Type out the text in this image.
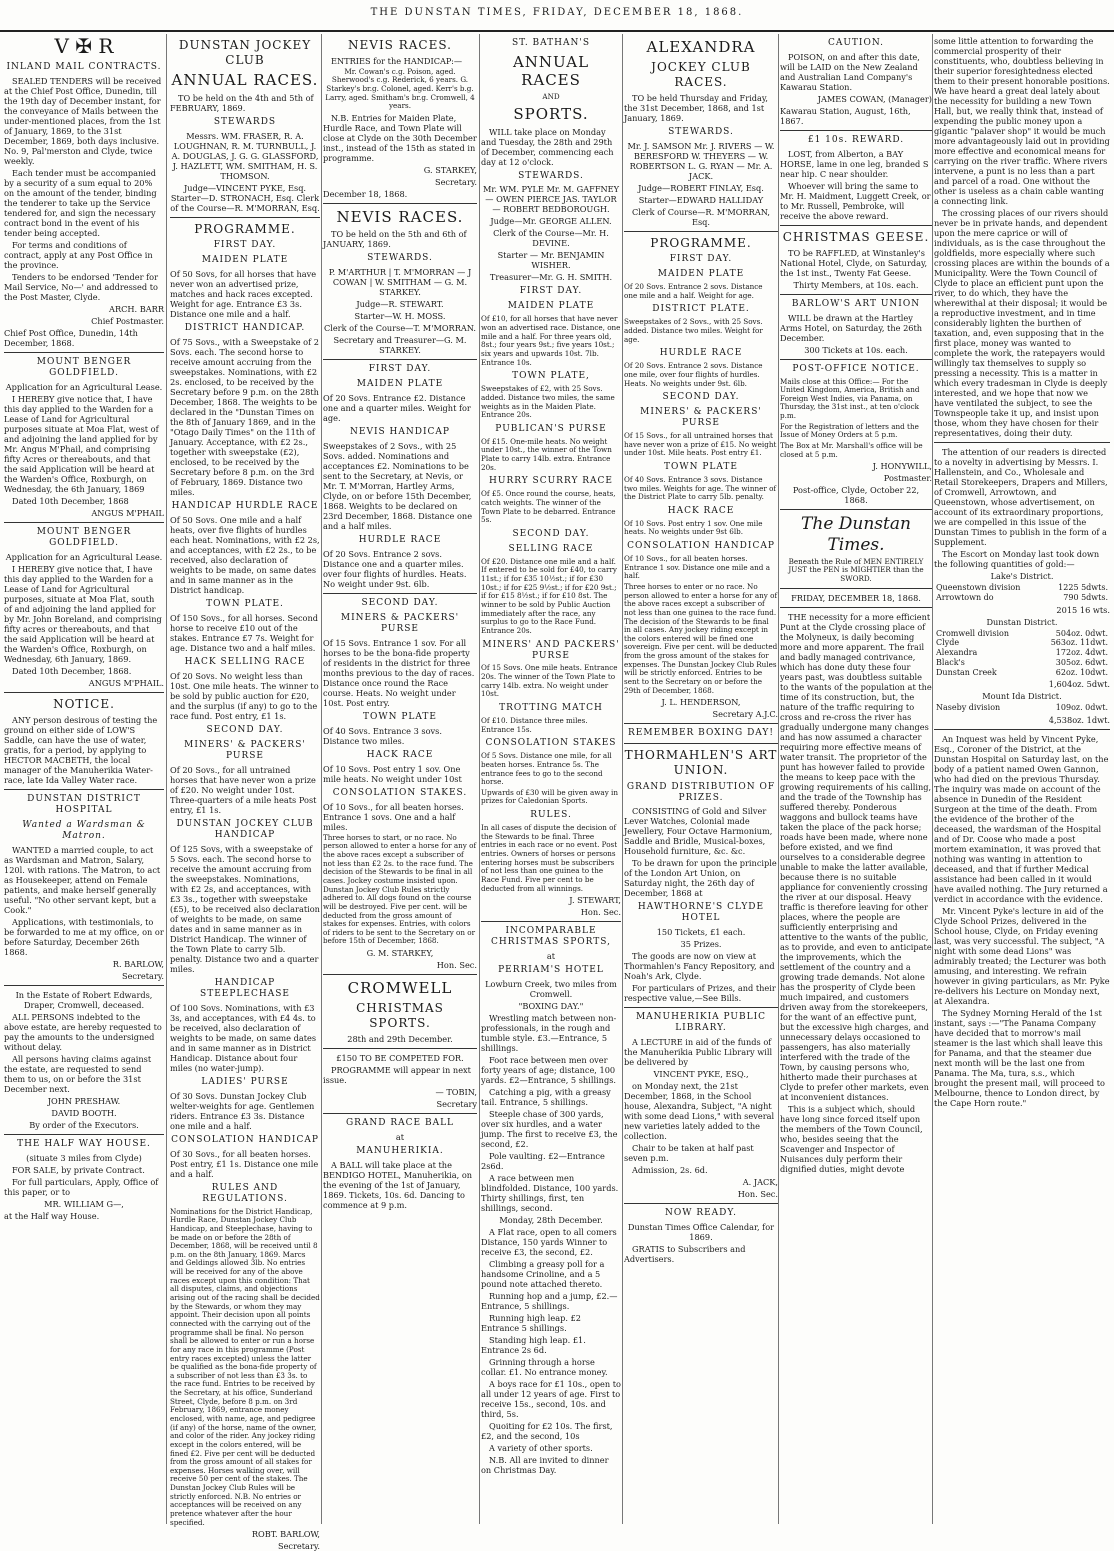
THE DUNSTAN TIMES, FRIDAY, DECEMBER 18, 1868.
V ✠ R
INLAND MAIL CONTRACTS.

SEALED TENDERS will be received at the Chief Post Office, Dunedin, till the 19th day of December instant, for the conveyance of Mails between the under-mentioned places, from the 1st of January, 1869, to the 31st December, 1869, both days inclusive. No. 9, Pal'merston and Clyde, twice weekly.

Each tender must be accompanied by a security of a sum equal to 20% on the amount of the tender, binding the tenderer to take up the Service tendered for, and sign the necessary contract bond in the event of his tender being accepted.

For terms and conditions of contract, apply at any Post Office in the province.

Tenders to be endorsed 'Tender for Mail Service, No—' and addressed to the Post Master, Clyde.

ARCH. BARR

Chief Postmaster.

Chief Post Office, Dunedin, 14th December, 1868.

MOUNT BENGER GOLDFIELD.

Application for an Agricultural Lease.

I HEREBY give notice that, I have this day applied to the Warden for a Lease of Land for Agricultural purposes situate at Moa Flat, west of and adjoining the land applied for by Mr. Angus M'Phail, and comprising fifty Acres or thereabouts, and that the said Application will be heard at the Warden's Office, Roxburgh, on Wednesday, the 6th January, 1869

Dated 10th December, 1868

ANGUS M'PHAIL

MOUNT BENGER GOLDFIELD.

Application for an Agricultural Lease.

I HEREBY give notice that, I have this day applied to the Warden for a Lease of Land for Agricultural purposes, situate at Moa Flat, south of and adjoining the land applied for by Mr. John Boreland, and comprising fifty acres or thereabouts, and that the said Application will be heard at the Warden's Office, Roxburgh, on Wednesday, 6th January, 1869.

Dated 10th December, 1868.

ANGUS M'PHAIL.

NOTICE.

ANY person desirous of testing the ground on either side of LOW'S Saddle, can have the use of water, gratis, for a period, by applying to HECTOR MACBETH, the local manager of the Manuherikia Water-race, late Ida Valley Water race.

DUNSTAN DISTRICT HOSPITAL
Wanted a Wardsman & Matron.

WANTED a married couple, to act as Wardsman and Matron, Salary, 120l. with rations. The Matron, to act as Housekeeper, attend on Female patients, and make herself generally useful. "No other servant kept, but a Cook."

Applications, with testimonials, to be forwarded to me at my office, on or before Saturday, December 26th 1868.

R. BARLOW,

Secretary.

In the Estate of Robert Edwards, Draper, Cromwell, deceased.

ALL PERSONS indebted to the above estate, are hereby requested to pay the amounts to the undersigned without delay.

All persons having claims against the estate, are requested to send them to us, on or before the 31st December next.

JOHN PRESHAW.

DAVID BOOTH.

By order of the Executors.

THE HALF WAY HOUSE.

(situate 3 miles from Clyde)

FOR SALE, by private Contract.

For full particulars, Apply, Office of this paper, or to

MR. WILLIAM G—,

at the Half way House.

DUNSTAN JOCKEY CLUB
ANNUAL RACES.

TO be held on the 4th and 5th of FEBRUARY, 1869.

STEWARDS

Messrs. WM. FRASER, R. A. LOUGHNAN, R. M. TURNBULL, J. A. DOUGLAS, J. G. G. GLASSFORD, J. HAZLETT, WM. SMITHAM, H. S. THOMSON.

Judge—VINCENT PYKE, Esq. Starter—D. STRONACH, Esq. Clerk of the Course—R. M'MORRAN, Esq.

PROGRAMME.
FIRST DAY.
MAIDEN PLATE

Of 50 Sovs, for all horses that have never won an advertised prize, matches and hack races excepted. Weight for age. Entrance £3 3s. Distance one mile and a half.

DISTRICT HANDICAP.

Of 75 Sovs., with a Sweepstake of 2 Sovs. each. The second horse to receive amount accruing from the sweepstakes. Nominations, with £2 2s. enclosed, to be received by the Secretary before 9 p.m. on the 28th December, 1868. The weights to be declared in the "Dunstan Times on the 8th of January 1869, and in the "Otago Daily Times" on the 11th of January. Acceptance, with £2 2s., together with sweepstake (£2), enclosed, to be received by the Secretary before 8 p.m. on the 3rd of February, 1869. Distance two miles.

HANDICAP HURDLE RACE

Of 50 Sovs. One mile and a half heats, over five flights of hurdles each heat. Nominations, with £2 2s, and acceptances, with £2 2s., to be received, also declaration of weights to be made, on same dates and in same manner as in the District handicap.

TOWN PLATE.

Of 150 Sovs., for all horses. Second horse to receive £10 out of the stakes. Entrance £7 7s. Weight for age. Distance two and a half miles.

HACK SELLING RACE

Of 20 Sovs. No weight less than 10st. One mile heats. The winner to be sold by public auction for £20, and the surplus (if any) to go to the race fund. Post entry, £1 1s.

SECOND DAY.
MINERS' & PACKERS' PURSE

Of 20 Sovs., for all untrained horses that have never won a prize of £20. No weight under 10st. Three-quarters of a mile heats Post entry, £1 1s.

DUNSTAN JOCKEY CLUB HANDICAP

Of 125 Sovs, with a sweepstake of 5 Sovs. each. The second horse to receive the amount accruing from the sweepstakes. Nominations, with £2 2s, and acceptances, with £3 3s., together with sweepstake (£5), to be received also declaration of weights to be made, on same dates and in same manner as in District Handicap. The winner of the Town Plate to carry 5lb. penalty. Distance two and a quarter miles.

HANDICAP STEEPLECHASE

Of 100 Sovs. Nominations, with £3 3s, and acceptances, with £4 4s. to be received, also declaration of weights to be made, on same dates and in same manner as in District Handicap. Distance about four miles (no water-jump).

LADIES' PURSE

Of 30 Sovs. Dunstan Jockey Club welter-weights for age. Gentlemen riders. Entrance £3 3s. Distance one mile and a half.

CONSOLATION HANDICAP

Of 30 Sovs., for all beaten horses. Post entry, £1 1s. Distance one mile and a half.

RULES AND REGULATIONS.

Nominations for the District Handicap, Hurdle Race, Dunstan Jockey Club Handicap, and Steeplechase, having to be made on or before the 28th of December, 1868, will be received until 8 p.m. on the 8th January, 1869. Marcs and Geldings allowed 3lb. No entries will be received for any of the above races except upon this condition: That all disputes, claims, and objections arising out of the racing shall be decided by the Stewards, or whom they may appoint. Their decision upon all points connected with the carrying out of the programme shall be final. No person shall be allowed to enter or run a horse for any race in this programme (Post entry races excepted) unless the latter be qualified as the bona-fide property of a subscriber of not less than £3 3s. to the race fund. Entries to be received by the Secretary, at his office, Sunderland Street, Clyde, before 8 p.m. on 3rd February, 1869, entrance money enclosed, with name, age, and pedigree (if any) of the horse, name of the owner, and color of the rider. Any jockey riding except in the colors entered, will be fined £2. Five per cent will be deducted from the gross amount of all stakes for expenses. Horses walking over, will receive 50 per cent of the stakes. The Dunstan Jockey Club Rules will be strictly enforced. N.B. No entries or acceptances will be received on any pretence whatever after the hour specified.

ROBT. BARLOW,

Secretary.

NEVIS RACES.

ENTRIES for the HANDICAP:—

Mr. Cowan's c.g. Poison, aged. Sherwood's c.g. Rederick, 6 years. G. Starkey's br.g. Colonel, aged. Kerr's b.g. Larry, aged. Smitham's br.g. Cromwell, 4 years.

N.B. Entries for Maiden Plate, Hurdle Race, and Town Plate will close at Clyde on the 30th December inst., instead of the 15th as stated in programme.

G. STARKEY,

Secretary.

December 18, 1868.

NEVIS RACES.

TO be held on the 5th and 6th of JANUARY, 1869.

STEWARDS.

P. M'ARTHUR | T. M'MORRAN — J COWAN | W. SMITHAM — G. M. STARKEY.

Judge—R. STEWART.

Starter—W. H. MOSS.

Clerk of the Course—T. M'MORRAN.

Secretary and Treasurer—G. M. STARKEY.

FIRST DAY.
MAIDEN PLATE

Of 20 Sovs. Entrance £2. Distance one and a quarter miles. Weight for age.

NEVIS HANDICAP

Sweepstakes of 2 Sovs., with 25 Sovs. added. Nominations and acceptances £2. Nominations to be sent to the Secretary, at Nevis, or Mr. T. M'Morran, Hartley Arms, Clyde, on or before 15th December, 1868. Weights to be declared on 23rd December, 1868. Distance one and a half miles.

HURDLE RACE

Of 20 Sovs. Entrance 2 sovs. Distance one and a quarter miles. over four flights of hurdles. Heats. No weight under 9st. 6lb.

SECOND DAY.
MINERS & PACKERS' PURSE

Of 15 Sovs. Entrance 1 sov. For all horses to be the bona-fide property of residents in the district for three months previous to the day of races. Distance once round the Race course. Heats. No weight under 10st. Post entry.

TOWN PLATE

Of 40 Sovs. Entrance 3 sovs. Distance two miles.

HACK RACE

Of 10 Sovs. Post entry 1 sov. One mile heats. No weight under 10st

CONSOLATION STAKES.

Of 10 Sovs., for all beaten horses. Entrance 1 sovs. One and a half miles.

Three horses to start, or no race. No person allowed to enter a horse for any of the above races except a subscriber of not less than £2 2s. to the race fund. The decision of the Stewards to be final in all cases. Jockey costume insisted upon. Dunstan Jockey Club Rules strictly adhered to. All dogs found on the course will be destroyed. Five per cent. will be deducted from the gross amount of stakes for expenses. Entries, with colors of riders to be sent to the Secretary on or before 15th of December, 1868.

G. M. STARKEY,

Hon. Sec.

CROMWELL
CHRISTMAS SPORTS.

28th and 29th December.

£150 TO BE COMPETED FOR.

PROGRAMME will appear in next issue.

— TOBIN,

Secretary

GRAND RACE BALL

at

MANUHERIKIA.

A BALL will take place at the BENDIGO HOTEL, Manuherikia, on the evening of the 1st of January, 1869. Tickets, 10s. 6d. Dancing to commence at 9 p.m.

ST. BATHAN'S
ANNUAL RACES

AND

SPORTS.

WILL take place on Monday and Tuesday, the 28th and 29th of December, commencing each day at 12 o'clock.

STEWARDS.

Mr. WM. PYLE Mr. M. GAFFNEY — OWEN PIERCE JAS. TAYLOR — ROBERT BEDBOROUGH.

Judge—Mr. GEORGE ALLEN.

Clerk of the Course—Mr. H. DEVINE.

Starter — Mr. BENJAMIN WISHER.

Treasurer—Mr. G. H. SMITH.

FIRST DAY.
MAIDEN PLATE

Of £10, for all horses that have never won an advertised race. Distance, one mile and a half. For three years old, 8st.; four years 9st.; five years 10st.; six years and upwards 10st. 7lb. Entrance 10s.

TOWN PLATE,

Sweepstakes of £2, with 25 Sovs. added. Distance two miles, the same weights as in the Maiden Plate. Entrance 20s.

PUBLICAN'S PURSE

Of £15. One-mile heats. No weight under 10st., the winner of the Town Plate to carry 14lb. extra. Entrance 20s.

HURRY SCURRY RACE

Of £5. Once round the course, heats, catch weights. The winner of the Town Plate to be debarred. Entrance 5s.

SECOND DAY.
SELLING RACE

Of £20. Distance one mile and a half. If entered to be sold for £40, to carry 11st.; if for £35 10½st.; if for £30 10st.; if for £25 9½st.; if for £20 9st.; if for £15 8½st.; if for £10 8st. The winner to be sold by Public Auction immediately after the race, any surplus to go to the Race Fund. Entrance 20s.

MINERS' AND PACKERS' PURSE

Of 15 Sovs. One mile heats. Entrance 20s. The winner of the Town Plate to carry 14lb. extra. No weight under 10st.

TROTTING MATCH

Of £10. Distance three miles. Entrance 15s.

CONSOLATION STAKES

Of 5 Sovs. Distance one mile, for all beaten horses. Entrance 5s. The entrance fees to go to the second horse.

Upwards of £30 will be given away in prizes for Caledonian Sports.

RULES.

In all cases of dispute the decision of the Stewards to be final. Three entries in each race or no event. Post entries. Owners of horses or persons entering horses must be subscribers of not less than one guinea to the Race Fund. Five per cent to be deducted from all winnings.

J. STEWART,

Hon. Sec.

INCOMPARABLE CHRISTMAS SPORTS,

at

PERRIAM'S HOTEL

Lowburn Creek, two miles from Cromwell.

"BOXING DAY."

Wrestling match between non-professionals, in the rough and tumble style. £3.—Entrance, 5 shillings.

Foot race between men over forty years of age; distance, 100 yards. £2—Entrance, 5 shillings.

Catching a pig, with a greasy tail. Entrance, 5 shillings.

Steeple chase of 300 yards, over six hurdles, and a water jump. The first to receive £3, the second, £2.

Pole vaulting. £2—Entrance 2s6d.

A race between men blindfolded. Distance, 100 yards. Thirty shillings, first, ten shillings, second.

Monday, 28th December.

A Flat race, open to all comers Distance, 150 yards Winner to receive £3, the second, £2.

Climbing a greasy poll for a handsome Crinoline, and a 5 pound note attached thereto.

Running hop and a jump, £2.—Entrance, 5 shillings.

Running high leap. £2 Entrance 5 shillings.

Standing high leap. £1. Entrance 2s 6d.

Grinning through a horse collar. £1. No entrance money.

A boys race for £1 10s., open to all under 12 years of age. First to receive 15s., second, 10s. and third, 5s.

Quoiting for £2 10s. The first, £2, and the second, 10s

A variety of other sports.

N.B. All are invited to dinner on Christmas Day.

ALEXANDRA
JOCKEY CLUB RACES.

TO be held Thursday and Friday, the 31st December, 1868, and 1st January, 1869.

STEWARDS.

Mr. J. SAMSON Mr. J. RIVERS — W. BERESFORD W. THEYERS — W. ROBERTSON L. G. RYAN — Mr. A. JACK.

Judge—ROBERT FINLAY, Esq.

Starter—EDWARD HALLIDAY

Clerk of Course—R. M'MORRAN, Esq.

PROGRAMME.
FIRST DAY.
MAIDEN PLATE

Of 20 Sovs. Entrance 2 sovs. Distance one mile and a half. Weight for age.

DISTRICT PLATE.

Sweepstakes of 2 Sovs., with 25 Sovs. added. Distance two miles. Weight for age.

HURDLE RACE

Of 20 Sovs. Entrance 2 sovs. Distance one mile, over four flights of hurdles. Heats. No weights under 9st. 6lb.

SECOND DAY.
MINERS' & PACKERS' PURSE

Of 15 Sovs., for all untrained horses that have never won a prize of £15. No weight under 10st. Mile heats. Post entry £1.

TOWN PLATE

Of 40 Sovs. Entrance 3 sovs. Distance two miles. Weights for age. The winner of the District Plate to carry 5lb. penalty.

HACK RACE

Of 10 Sovs. Post entry 1 sov. One mile heats. No weights under 9st 6lb.

CONSOLATION HANDICAP

Of 10 Sovs., for all beaten horses. Entrance 1 sov. Distance one mile and a half.

Three horses to enter or no race. No person allowed to enter a horse for any of the above races except a subscriber of not less than one guinea to the race fund. The decision of the Stewards to be final in all cases. Any jockey riding except in the colors entered will be fined one sovereign. Five per cent. will be deducted from the gross amount of the stakes for expenses. The Dunstan Jockey Club Rules will be strictly enforced. Entries to be sent to the Secretary on or before the 29th of December, 1868.

J. L. HENDERSON,

Secretary A.J.C.

REMEMBER BOXING DAY!
THORMAHLEN'S ART UNION.
GRAND DISTRIBUTION OF PRIZES.

CONSISTING of Gold and Silver Lever Watches, Colonial made Jewellery, Four Octave Harmonium, Saddle and Bridle, Musical-boxes, Household furniture, &c. &c.

To be drawn for upon the principle of the London Art Union, on Saturday night, the 26th day of December, 1868 at

HAWTHORNE'S CLYDE HOTEL

150 Tickets, £1 each.

35 Prizes.

The goods are now on view at Thormahlen's Fancy Repository, and Noah's Ark, Clyde.

For particulars of Prizes, and their respective value,—See Bills.

MANUHERIKIA PUBLIC LIBRARY.

A LECTURE in aid of the funds of the Manuherikia Public Library will be delivered by

VINCENT PYKE, ESQ.,

on Monday next, the 21st December, 1868, in the School house, Alexandra, Subject, "A night with some dead Lions," with several new varieties lately added to the collection.

Chair to be taken at half past seven p.m.

Admission, 2s. 6d.

A. JACK,

Hon. Sec.

NOW READY.

Dunstan Times Office Calendar, for 1869.

GRATIS to Subscribers and Advertisers.

CAUTION.

POISON, on and after this date, will be LAID on the New Zealand and Australian Land Company's Kawarau Station.

JAMES COWAN, (Manager)

Kawarau Station, August, 16th, 1867.

£1 10s. REWARD.

LOST, from Alberton, a BAY HORSE, lame in one leg, branded S near hip. C near shoulder.

Whoever will bring the same to Mr. H. Maidment, Luggett Creek, or to Mr. Russell, Pembroke, will receive the above reward.

CHRISTMAS GEESE.

TO be RAFFLED, at Winstanley's National Hotel, Clyde, on Saturday, the 1st inst., Twenty Fat Geese.

Thirty Members, at 10s. each.

BARLOW'S ART UNION

WILL be drawn at the Hartley Arms Hotel, on Saturday, the 26th December.

300 Tickets at 10s. each.

POST-OFFICE NOTICE.

Mails close at this Office:— For the United Kingdom, America, British and Foreign West Indies, via Panama, on Thursday, the 31st inst., at ten o'clock p.m.

For the Registration of letters and the Issue of Money Orders at 5 p.m.

The Box at Mr. Marshall's office will be closed at 5 p.m.

J. HONYWILL,

Postmaster.

Post-office, Clyde, October 22, 1868.

The Dunstan Times.

Beneath the Rule of MEN ENTIRELY JUST the PEN is MIGHTIER than the SWORD.

FRIDAY, DECEMBER 18, 1868.

THE necessity for a more efficient Punt at the Clyde crossing place of the Molyneux, is daily becoming more and more apparent. The frail and badly managed contrivance, which has done duty these four years past, was doubtless suitable to the wants of the population at the time of its construction, but, the nature of the traffic requiring to cross and re-cross the river has gradually undergone many changes and has now assumed a character requiring more effective means of water transit. The proprietor of the punt has however failed to provide the means to keep pace with the growing requirements of his calling, and the trade of the Township has suffered thereby. Ponderous waggons and bullock teams have taken the place of the pack horse; roads have been made, where none before existed, and we find ourselves to a considerable degree unable to make the latter available, because there is no suitable appliance for conveniently crossing the river at our disposal. Heavy traffic is therefore leaving for other places, where the people are sufficiently enterprising and attentive to the wants of the public, as to provide, and even to anticipate the improvements, which the settlement of the country and a growing trade demands. Not alone has the prosperity of Clyde been much impaired, and customers driven away from the storekeepers, for the want of an effective punt, but the excessive high charges, and unnecessary delays occasioned to passengers, has also materially interfered with the trade of the Town, by causing persons who, hitherto made their purchases at Clyde to prefer other markets, even at inconvenient distances.

This is a subject which, should have long since forced itself upon the members of the Town Council, who, besides seeing that the Scavenger and Inspector of Nuisances duly perform their dignified duties, might devote

some little attention to forwarding the commercial prosperity of their constituents, who, doubtless believing in their superior foresightedness elected them to their present honorable positions. We have heard a great deal lately about the necessity for building a new Town Hall, but, we really think that, instead of expending the public money upon a gigantic "palaver shop" it would be much more advantageously laid out in providing more effective and economical means for carrying on the river traffic. Where rivers intervene, a punt is no less than a part and parcel of a road. One without the other is useless as a chain cable wanting a connecting link.

The crossing places of our rivers should never be in private hands, and dependent upon the mere caprice or will of individuals, as is the case throughout the goldfields, more especially where such crossing places are within the bounds of a Municipality. Were the Town Council of Clyde to place an efficient punt upon the river, to do which, they have the wherewithal at their disposal; it would be a reproductive investment, and in time considerably lighten the burthen of taxation, and, even supposing that in the first place, money was wanted to complete the work, the ratepayers would willingly tax themselves to supply so pressing a necessity. This is a matter in which every tradesman in Clyde is deeply interested, and we hope that now we have ventilated the subject, to see the Townspeople take it up, and insist upon those, whom they have chosen for their representatives, doing their duty.

The attention of our readers is directed to a novelty in advertising by Messrs. I. Hallenstein, and Co., Wholesale and Retail Storekeepers, Drapers and Millers, of Cromwell, Arrowtown, and Queenstown, whose advertisement, on account of its extraordinary proportions, we are compelled in this issue of the Dunstan Times to publish in the form of a Supplement.

The Escort on Monday last took down the following quantities of gold:—

Lake's District.

Queenstown division	1225 5dwts.
Arrowtown do	790 5dwts.

2015 16 wts.

Dunstan District.

Cromwell division	504oz. 0dwt.
Clyde	563oz. 11dwt.
Alexandra	172oz. 4dwt.
Black's	305oz. 6dwt.
Dunstan Creek	62oz. 10dwt.

1,604oz. 5dwt.

Mount Ida District.

Naseby division	109oz. 0dwt.

4,538oz. 1dwt.

An Inquest was held by Vincent Pyke, Esq., Coroner of the District, at the Dunstan Hospital on Saturday last, on the body of a patient named Owen Gannon, who had died on the previous Thursday. The inquiry was made on account of the absence in Dunedin of the Resident Surgeon at the time of the death. From the evidence of the brother of the deceased, the wardsman of the Hospital and of Dr. Coose who made a post mortem examination, it was proved that nothing was wanting in attention to deceased, and that if further Medical assistance had been called in it would have availed nothing. The Jury returned a verdict in accordance with the evidence.

Mr. Vincent Pyke's lecture in aid of the Clyde School Prizes, delivered in the School house, Clyde, on Friday evening last, was very successful. The subject, "A night with some dead Lions" was admirably treated; the Lecturer was both amusing, and interesting. We refrain however in giving particulars, as Mr. Pyke re-delivers his Lecture on Monday next, at Alexandra.

The Sydney Morning Herald of the 1st instant, says :—"The Panama Company have decided that to morrow's mail steamer is the last which shall leave this for Panama, and that the steamer due next month will be the last one from Panama. The Ma, tura, s.s., which brought the present mail, will proceed to Melbourne, thence to London direct, by the Cape Horn route."
